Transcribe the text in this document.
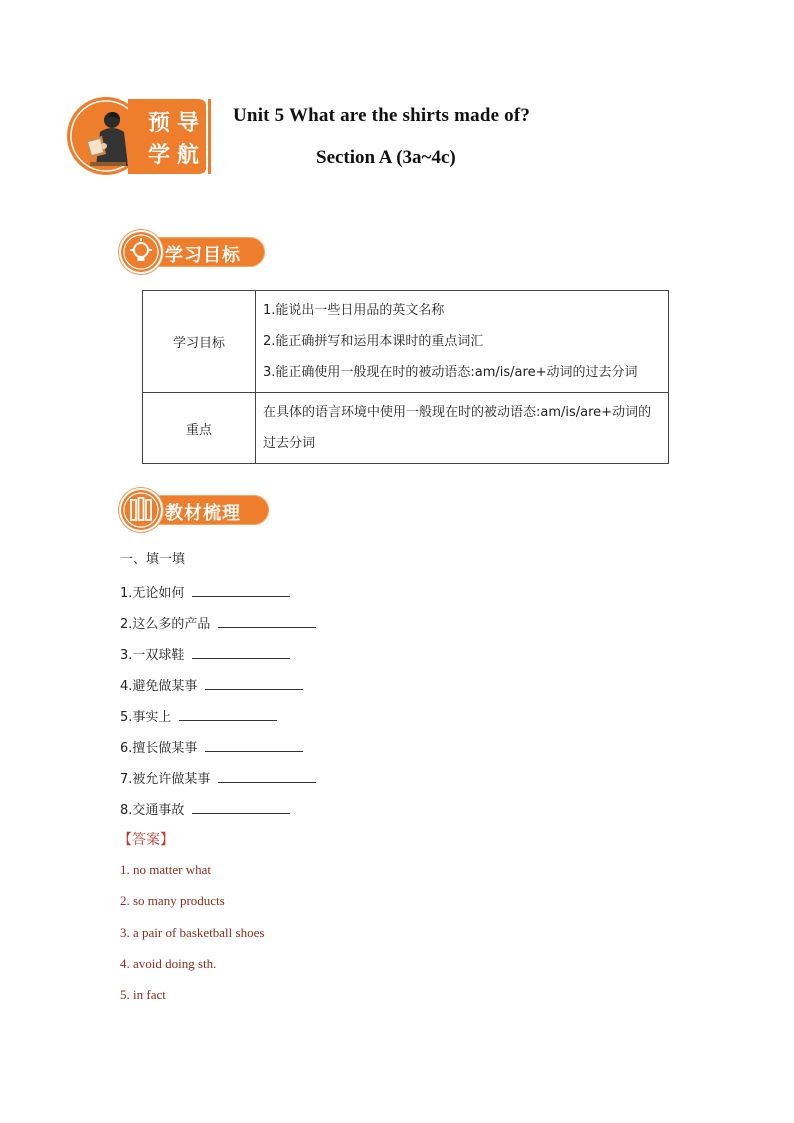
预 导
学 航
Unit 5 What are the shirts made of?
Section A (3a~4c)
学习目标
学习目标	1.能说出一些日用品的英文名称
2.能正确拼写和运用本课时的重点词汇
3.能正确使用一般现在时的被动语态:am/is/are+动词的过去分词

重点	在具体的语言环境中使用一般现在时的被动语态:am/is/are+动词的
过去分词
教材梳理
一、填一填
1.无论如何
2.这么多的产品
3.一双球鞋
4.避免做某事
5.事实上
6.擅长做某事
7.被允许做某事
8.交通事故
【答案】
1. no matter what
2. so many products
3. a pair of basketball shoes
4. avoid doing sth.
5. in fact
